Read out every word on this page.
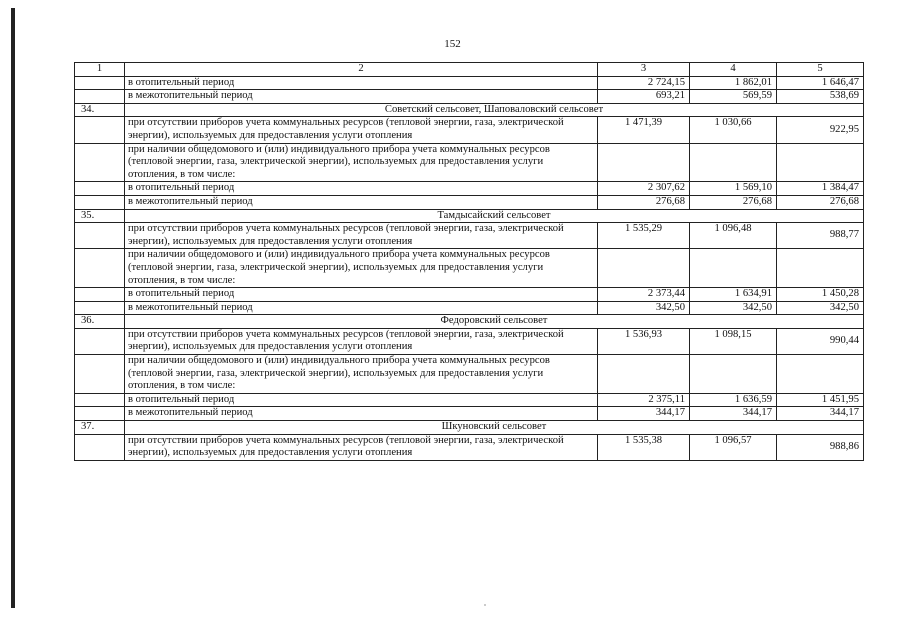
152
1	2	3	4	5
	в отопительный период	2 724,15	1 862,01	1 646,47
	в межотопительный период	693,21	569,59	538,69
34.	Советский сельсовет, Шаповаловский сельсовет			
	при отсутствии приборов учета коммунальных ресурсов (тепловой энергии, газа, электрической энергии), используемых для предоставления услуги отопления	1 471,39	1 030,66	922,95
	при наличии общедомового и (или) индивидуального прибора учета коммунальных ресурсов (тепловой энергии, газа, электрической энергии), используемых для предоставления услуги отопления, в том числе:			
	в отопительный период	2 307,62	1 569,10	1 384,47
	в межотопительный период	276,68	276,68	276,68
35.	Тамдысайский сельсовет			
	при отсутствии приборов учета коммунальных ресурсов (тепловой энергии, газа, электрической энергии), используемых для предоставления услуги отопления	1 535,29	1 096,48	988,77
	при наличии общедомового и (или) индивидуального прибора учета коммунальных ресурсов (тепловой энергии, газа, электрической энергии), используемых для предоставления услуги отопления, в том числе:			
	в отопительный период	2 373,44	1 634,91	1 450,28
	в межотопительный период	342,50	342,50	342,50
36.	Федоровский сельсовет			
	при отсутствии приборов учета коммунальных ресурсов (тепловой энергии, газа, электрической энергии), используемых для предоставления услуги отопления	1 536,93	1 098,15	990,44
	при наличии общедомового и (или) индивидуального прибора учета коммунальных ресурсов (тепловой энергии, газа, электрической энергии), используемых для предоставления услуги отопления, в том числе:			
	в отопительный период	2 375,11	1 636,59	1 451,95
	в межотопительный период	344,17	344,17	344,17
37.	Шкуновский сельсовет			
	при отсутствии приборов учета коммунальных ресурсов (тепловой энергии, газа, электрической энергии), используемых для предоставления услуги отопления	1 535,38	1 096,57	988,86
